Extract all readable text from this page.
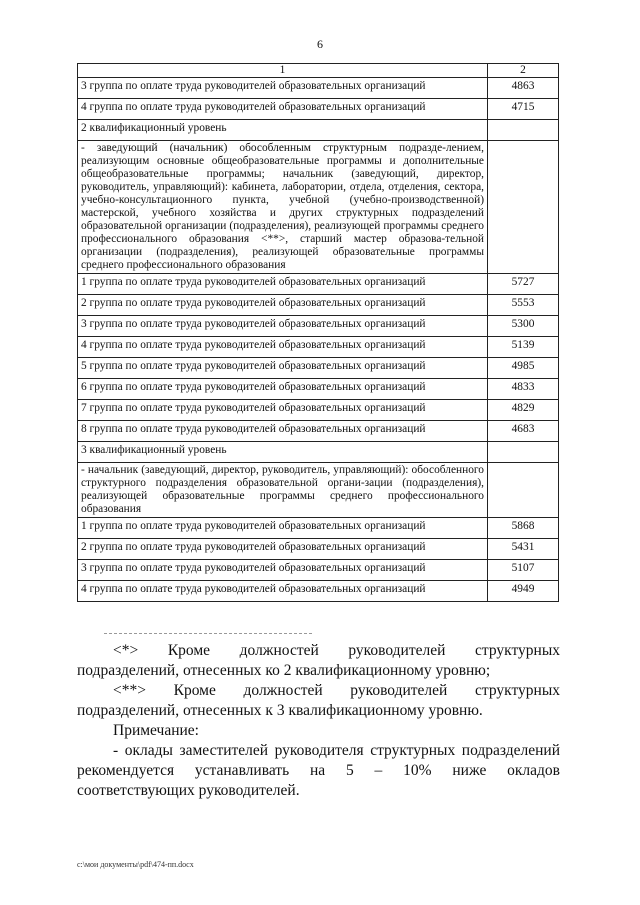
6
1	2
3 группа по оплате труда руководителей образовательных организаций	4863
4 группа по оплате труда руководителей образовательных организаций	4715
2 квалификационный уровень	
- заведующий (начальник) обособленным структурным подразде-лением, реализующим основные общеобразовательные программы и дополнительные общеобразовательные программы; начальник (заведующий, директор, руководитель, управляющий): кабинета, лаборатории, отдела, отделения, сектора, учебно-консультационного пункта, учебной (учебно-производственной) мастерской, учебного хозяйства и других структурных подразделений образовательной организации (подразделения), реализующей программы среднего профессионального образования <**>, старший мастер образова-тельной организации (подразделения), реализующей образовательные программы среднего профессионального образования	
1 группа по оплате труда руководителей образовательных организаций	5727
2 группа по оплате труда руководителей образовательных организаций	5553
3 группа по оплате труда руководителей образовательных организаций	5300
4 группа по оплате труда руководителей образовательных организаций	5139
5 группа по оплате труда руководителей образовательных организаций	4985
6 группа по оплате труда руководителей образовательных организаций	4833
7 группа по оплате труда руководителей образовательных организаций	4829
8 группа по оплате труда руководителей образовательных организаций	4683
3 квалификационный уровень	
- начальник (заведующий, директор, руководитель, управляющий): обособленного структурного подразделения образовательной органи-зации (подразделения), реализующей образовательные программы среднего профессионального образования	
1 группа по оплате труда руководителей образовательных организаций	5868
2 группа по оплате труда руководителей образовательных организаций	5431
3 группа по оплате труда руководителей образовательных организаций	5107
4 группа по оплате труда руководителей образовательных организаций	4949

<*> Кроме должностей руководителей структурных подразделений, отнесенных ко 2 квалификационному уровню;

<**> Кроме должностей руководителей структурных подразделений, отнесенных к 3 квалификационному уровню.

Примечание:

- оклады заместителей руководителя структурных подразделений рекомендуется устанавливать на 5 – 10% ниже окладов соответствующих руководителей.

c:\мои документы\pdf\474-пп.docx
